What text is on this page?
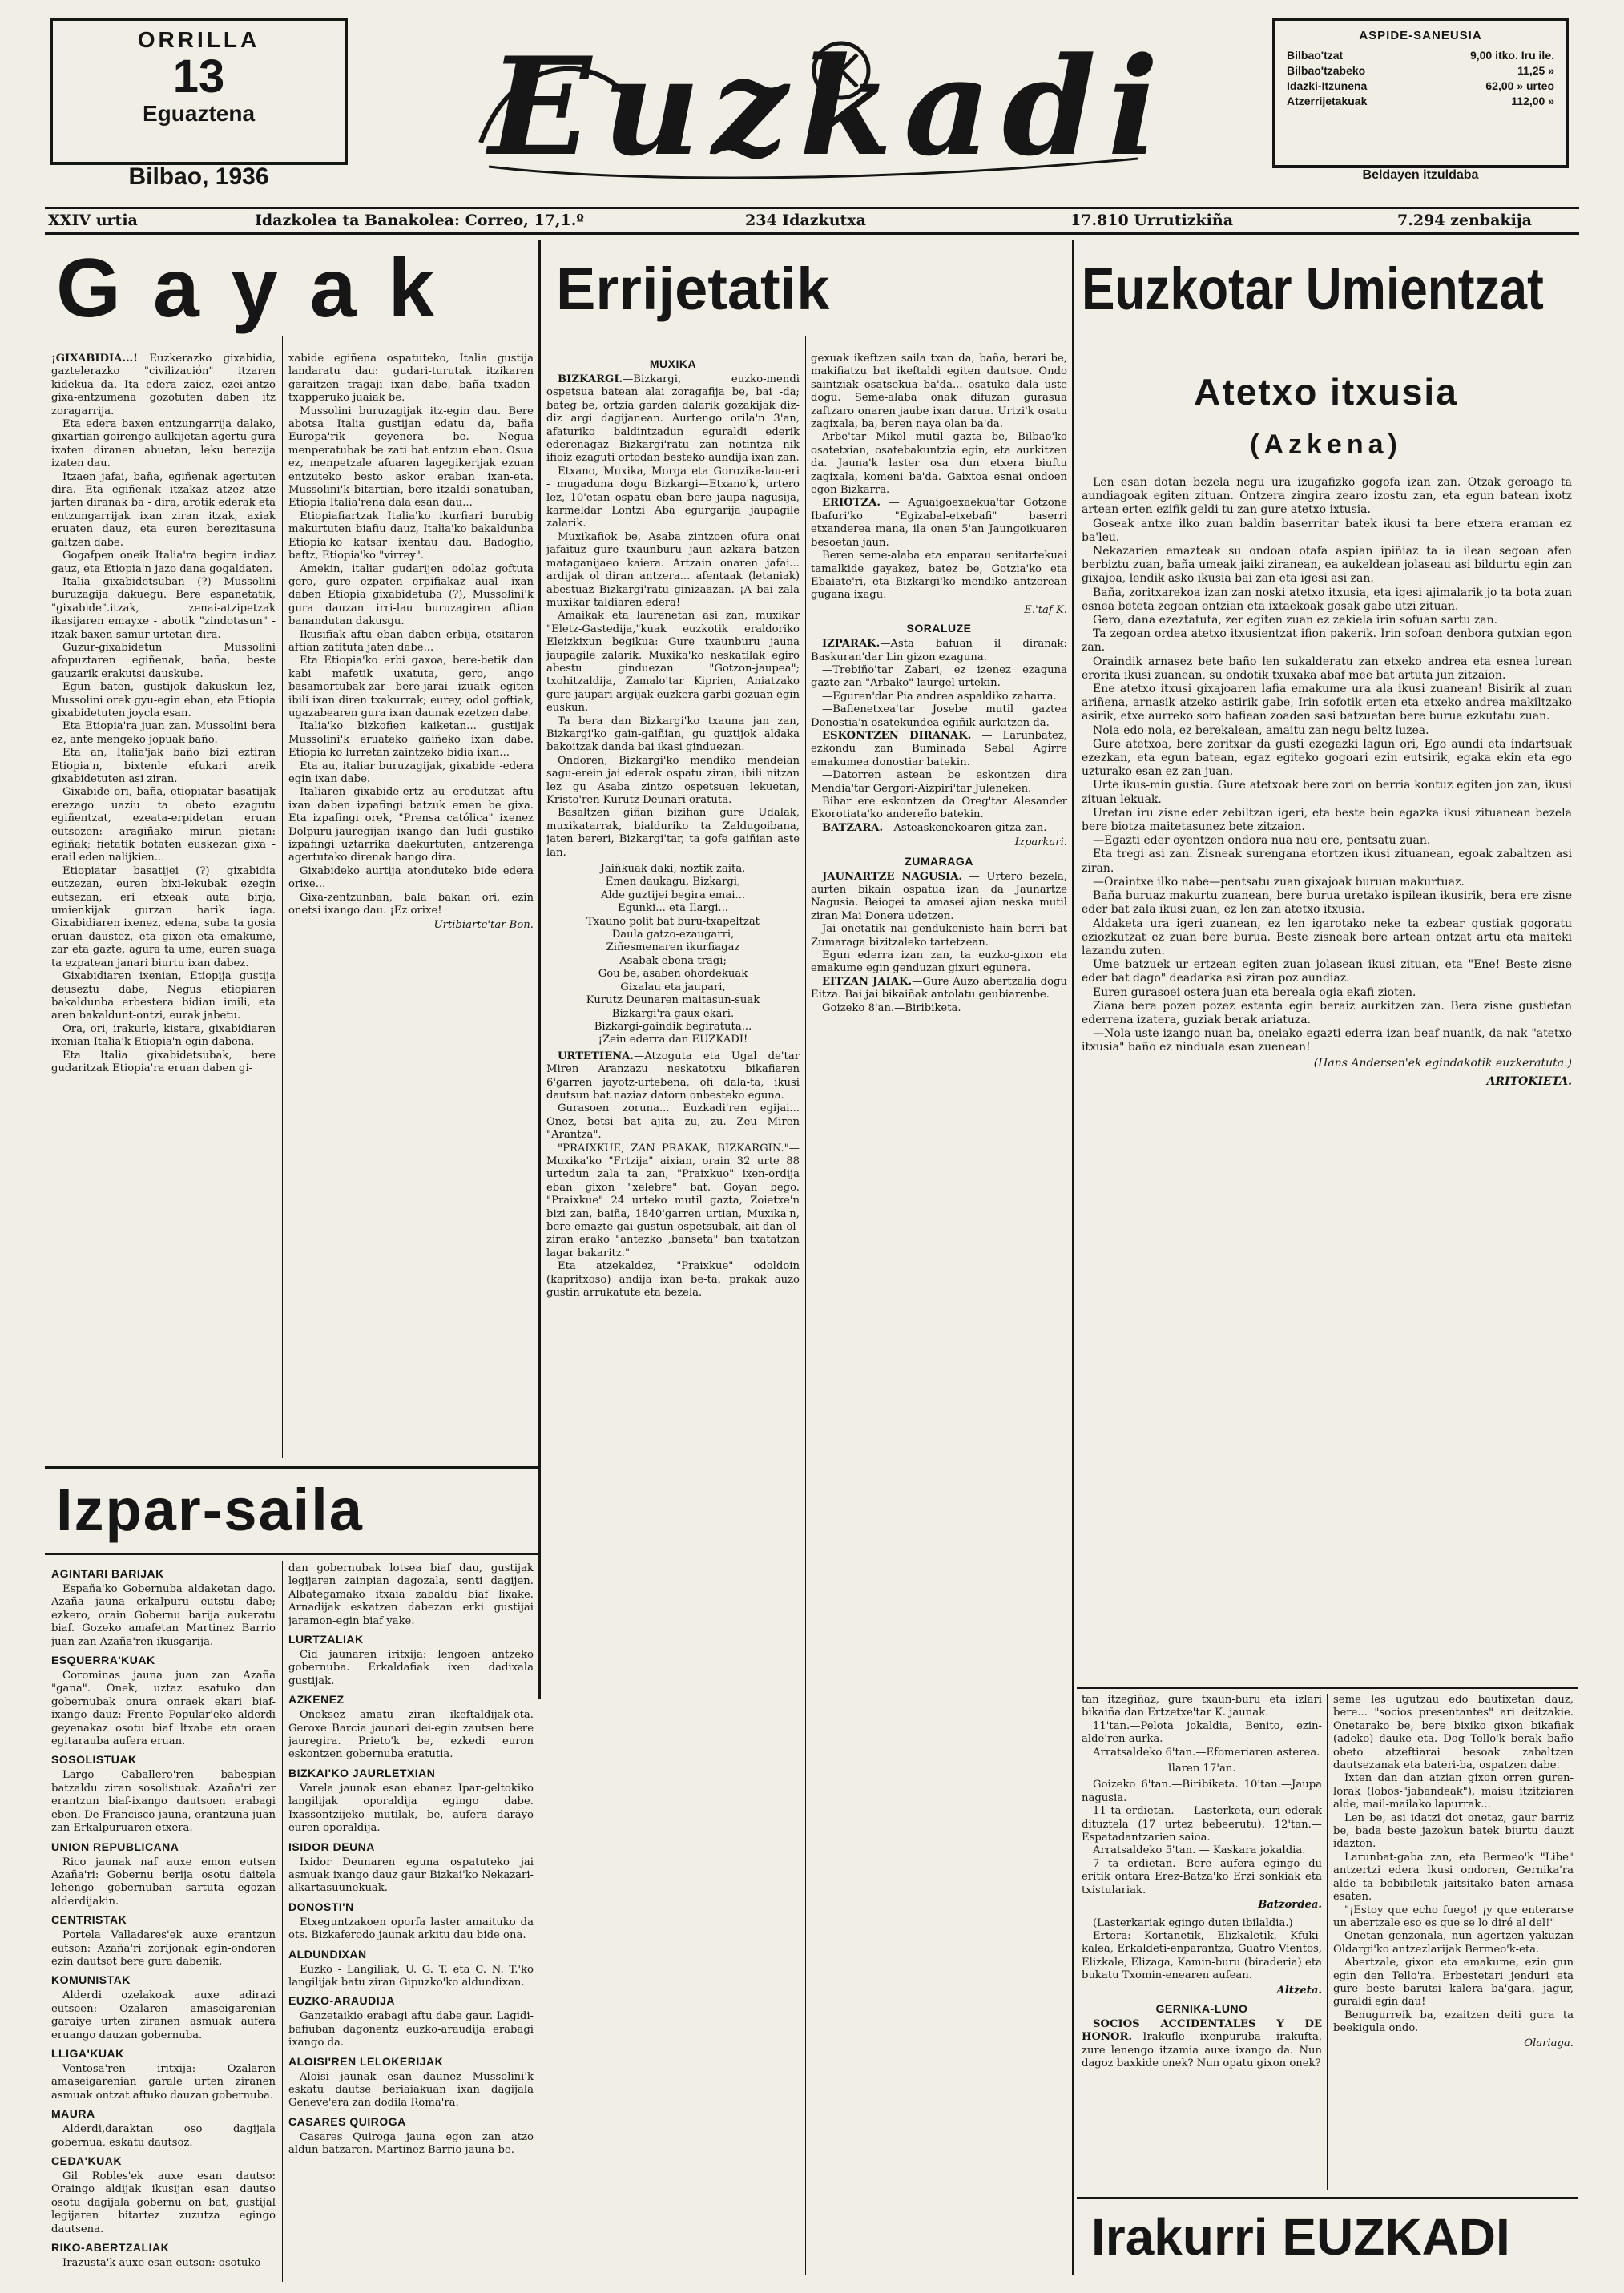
ORRILLA
13
Eguaztena
Bilbao, 1936	Euzkadi	ASPIDE-SANEUSIA
Bilbao'tzat	9,00 itko. Iru ile.
Bilbao'tzabeko	11,25 »
Idazki-Itzunena	62,00 » urteo
Atzerrijetakuak	112,00 »
Beldayen itzuldaba
XXIV urtia	Idazkolea ta Banakolea: Correo, 17,1.º	234 Idazkutxa	17.810 Urrutizkiña	7.294 zenbakija
Gayak Errijetatik	Euzkotar Umientzat
Atetxo itxusia
(Azkena)

¡GIXABIDIA...! Euzkerazko gixabidia, gaztelerazko "civilización" itzaren kidekua da. Ita edera zaiez, ezei-antzo gixa-entzumena gozotuten daben itz zoragarrija.

Eta edera baxen entzungarrija dalako, gixartian goirengo aulkijetan agertu gura ixaten diranen abuetan, leku berezija izaten dau.

Itzaen jafai, baña, egiñenak agertuten dira. Eta egiñenak itzakaz atzez atze jarten diranak ba - dira, arotik ederak eta entzungarrijak ixan ziran itzak, axiak eruaten dauz, eta euren berezitasuna galtzen dabe.

Gogafpen oneik Italia'ra begira indiaz gauz, eta Etiopia'n jazo dana gogaldaten.

Italia gixabidetsuban (?) Mussolini buruzagija dakuegu. Bere espanetatik, "gixabide".itzak, zenai-atzipetzak ikasijaren emayxe - abotik "zindotasun" -itzak baxen samur urtetan dira.

Guzur-gixabidetun Mussolini afopuztaren egiñenak, baña, beste gauzarik erakutsi dauskube.

Egun baten, gustijok dakuskun lez, Mussolini orek gyu-egin eban, eta Etiopia gixabidetuten joycla esan.

Eta Etiopia'ra juan zan. Mussolini bera ez, ante mengeko jopuak baño.

Eta an, Italia'jak baño bizi eztiran Etiopia'n, bixtenle efukari areik gixabidetuten asi ziran.

Gixabide ori, baña, etiopiatar basatijak erezago uaziu ta obeto ezagutu egiñentzat, ezeata-erpidetan eruan eutsozen: aragiñako mirun pietan: egiñak; fietatik botaten euskezan gixa - erail eden nalijkien...

Etiopiatar basatijei (?) gixabidia eutzezan, euren bixi-lekubak ezegin eutsezan, eri etxeak auta birja, umienkijak gurzan harik iaga. Gixabidiaren ixenez, edena, suba ta gosia eruan daustez, eta gixon eta emakume, zar eta gazte, agura ta ume, euren suaga ta ezpatean janari biurtu ixan dabez.

Gixabidiaren ixenian, Etiopija gustija deuseztu dabe, Negus etiopiaren bakaldunba erbestera bidian imili, eta aren bakaldunt-ontzi, eurak jabetu.

Ora, ori, irakurle, kistara, gixabidiaren ixenian Italia'k Etiopia'n egin dabena.

Eta Italia gixabidetsubak, bere gudaritzak Etiopia'ra eruan daben gi-

xabide egiñena ospatuteko, Italia gustija landaratu dau: gudari-turutak itzikaren garaitzen tragaji ixan dabe, baña txadon-txapperuko juaiak be.

Mussolini buruzagijak itz-egin dau. Bere abotsa Italia gustijan edatu da, baña Europa'rik geyenera be. Negua menperatubak be zati bat entzun eban. Osua ez, menpetzale afuaren lagegikerijak ezuan entzuteko besto askor eraban ixan-eta. Mussolini'k bitartian, bere itzaldi sonatuban, Etiopia Italia'rena dala esan dau...

Etiopiafiartzak Italia'ko ikurfiari burubig makurtuten biafiu dauz, Italia'ko bakaldunba Etiopia'ko katsar ixentau dau. Badoglio, baftz, Etiopia'ko "virrey".

Amekin, italiar gudarijen odolaz goftuta gero, gure ezpaten erpifiakaz aual -ixan daben Etiopia gixabidetuba (?), Mussolini'k gura dauzan irri-lau buruzagiren aftian banandutan dakusgu.

Ikusifiak aftu eban daben erbija, etsitaren aftian zatituta jaten dabe...

Eta Etiopia'ko erbi gaxoa, bere-betik dan kabi mafetik uxatuta, gero, ango basamortubak-zar bere-jarai izuaik egiten ibili ixan diren txakurrak; eurey, odol goftiak, ugazabearen gura ixan daunak ezetzen dabe.

Italia'ko bizkofien kaiketan... gustijak Mussolini'k eruateko gaiñeko ixan dabe. Etiopia'ko lurretan zaintzeko bidia ixan...

Eta au, italiar buruzagijak, gixabide -edera egin ixan dabe.

Italiaren gixabide-ertz au eredutzat aftu ixan daben izpafingi batzuk emen be gixa. Eta izpafingi orek, "Prensa católica" ixenez Dolpuru-jauregijan ixango dan ludi gustiko izpafingi uztarrika daekurtuten, antzerenga agertutako direnak hango dira.

Gixabideko aurtija atonduteko bide edera orixe...

Gixa-zentzunban, bala bakan ori, ezin onetsi ixango dau. ¡Ez orixe!

Urtibiarte'tar Bon.

Izpar-saila
AGINTARI BARIJAK

España'ko Gobernuba aldaketan dago. Azaña jauna erkalpuru eutstu dabe; ezkero, orain Gobernu barija aukeratu biaf. Gozeko amafetan Martinez Barrio juan zan Azaña'ren ikusgarija.

ESQUERRA'KUAK

Corominas jauna juan zan Azaña "gana". Onek, uztaz esatuko dan gobernubak onura onraek ekari biaf-ixango dauz: Frente Popular'eko alderdi geyenakaz osotu biaf ltxabe eta oraen egitarauba aufera eruan.

SOSOLISTUAK

Largo Caballero'ren babespian batzaldu ziran sosolistuak. Azaña'ri zer erantzun biaf-ixango dautsoen erabagi eben. De Francisco jauna, erantzuna juan zan Erkalpuruaren etxera.

UNION REPUBLICANA

Rico jaunak naf auxe emon eutsen Azaña'ri: Gobernu berija osotu daitela lehengo gobernuban sartuta egozan alderdijakin.

CENTRISTAK

Portela Valladares'ek auxe erantzun eutson: Azaña'ri zorijonak egin-ondoren ezin dautsot bere gura dabenik.

KOMUNISTAK

Alderdi ozelakoak auxe adirazi eutsoen: Ozalaren amaseigarenian garaiye urten ziranen asmuak aufera eruango dauzan gobernuba.

LLIGA'KUAK

Ventosa'ren iritxija: Ozalaren amaseigarenian garale urten ziranen asmuak ontzat aftuko dauzan gobernuba.

MAURA

Alderdi,daraktan oso dagijala gobernua, eskatu dautsoz.

CEDA'KUAK

Gil Robles'ek auxe esan dautso: Oraingo aldijak ikusijan esan dautso osotu dagijala gobernu on bat, gustijal legijaren bitartez zuzutza egingo dautsena.

RIKO-ABERTZALIAK

Irazusta'k auxe esan eutson: osotuko

dan gobernubak lotsea biaf dau, gustijak legijaren zainpian dagozala, senti dagijen. Albategamako itxaia zabaldu biaf lixake. Arnadijak eskatzen dabezan erki gustijai jaramon-egin biaf yake.

LURTZALIAK

Cid jaunaren iritxija: lengoen antzeko gobernuba. Erkaldafiak ixen dadixala gustijak.

AZKENEZ

Oneksez amatu ziran ikeftaldijak-eta. Geroxe Barcia jaunari dei-egin zautsen bere jauregira. Prieto'k be, ezkedi euron eskontzen gobernuba eratutia.

BIZKAI'KO JAURLETXIAN

Varela jaunak esan ebanez Ipar-geltokiko langilijak oporaldija egingo dabe. Ixassontzijeko mutilak, be, aufera darayo euren oporaldija.

ISIDOR DEUNA

Ixidor Deunaren eguna ospatuteko jai asmuak ixango dauz gaur Bizkai'ko Nekazari-alkartasuunekuak.

DONOSTI'N

Etxeguntzakoen oporfa laster amaituko da ots. Bizkaferodo jaunak arkitu dau bide ona.

ALDUNDIXAN

Euzko - Langiliak, U. G. T. eta C. N. T.'ko langilijak batu ziran Gipuzko'ko aldundixan.

EUZKO-ARAUDIJA

Ganzetaikio erabagi aftu dabe gaur. Lagidi-bafiuban dagonentz euzko-araudija erabagi ixango da.

ALOISI'REN LELOKERIJAK

Aloisi jaunak esan daunez Mussolini'k eskatu dautse beriaiakuan ixan dagijala Geneve'era zan dodila Roma'ra.

CASARES QUIROGA

Casares Quiroga jauna egon zan atzo aldun-batzaren. Martinez Barrio jauna be.

MUXIKA

BIZKARGI.—Bizkargi, euzko-mendi ospetsua batean alai zoragafija be, bai -da; bateg be, ortzia garden dalarik gozakijak diz-diz argi dagijanean. Aurtengo orila'n 3'an, afaturiko baldintzadun eguraldi ederik ederenagaz Bizkargi'ratu zan notintza nik ifioiz ezaguti ortodan besteko aundija ixan zan.

Etxano, Muxika, Morga eta Gorozika-lau-eri - mugaduna dogu Bizkargi—Etxano'k, urtero lez, 10'etan ospatu eban bere jaupa nagusija, karmeldar Lontzi Aba egurgarija jaupagile zalarik.

Muxikafiok be, Asaba zintzoen ofura onai jafaituz gure txaunburu jaun azkara batzen mataganijaeo kaiera. Artzain onaren jafai... ardijak ol diran antzera... afentaak (letaniak) abestuaz Bizkargi'ratu ginizaazan. ¡A bai zala muxikar taldiaren edera!

Amaikak eta laurenetan asi zan, muxikar "Eletz-Gastedija,"kuak euzkotik eraldoriko Eleizkixun begikua: Gure txaunburu jauna jaupagile zalarik. Muxika'ko neskatilak egiro abestu ginduezan "Gotzon-jaupea"; txohitzaldija, Zamalo'tar Kiprien, Aniatzako gure jaupari argijak euzkera garbi gozuan egin euskun.

Ta bera dan Bizkargi'ko txauna jan zan, Bizkargi'ko gain-gaiñian, gu guztijok aldaka bakoitzak danda bai ikasi ginduezan.

Ondoren, Bizkargi'ko mendiko mendeian sagu-erein jai ederak ospatu ziran, ibili nitzan lez gu Asaba zintzo ospetsuen lekuetan, Kristo'ren Kurutz Deunari oratuta.

Basaltzen giñan bizifian gure Udalak, muxikatarrak, bialduriko ta Zaldugoibana, jaten bereri, Bizkargi'tar, ta gofe gaiñian aste lan.

Jaiñkuak daki, noztik zaita,
Emen daukagu, Bizkargi,
Alde guztijei begira emai...
Egunki... eta Ilargi...
Txauno polit bat buru-txapeltzat
Daula gatzo-ezaugarri,
Ziñesmenaren ikurfiagaz
Asabak ebena tragi;
Gou be, asaben ohordekuak
Gixalau eta jaupari,
Kurutz Deunaren maitasun-suak
Bizkargi'ra gaux ekari.
Bizkargi-gaindik begiratuta...
¡Zein ederra dan EUZKADI!

URTETIENA.—Atzoguta eta Ugal de'tar Miren Aranzazu neskatotxu bikafiaren 6'garren jayotz-urtebena, ofi dala-ta, ikusi dautsun bat naziaz datorn onbesteko eguna.

Gurasoen zoruna... Euzkadi'ren egijai... Onez, betsi bat ajita zu, zu. Zeu Miren "Arantza".

"PRAIXKUE, ZAN PRAKAK, BIZKARGIN."—Muxika'ko "Frtzija" aixian, orain 32 urte 88 urtedun zala ta zan, "Praixkuo" ixen-ordija eban gixon "xelebre" bat. Goyan bego. "Praixkue" 24 urteko mutil gazta, Zoietxe'n bizi zan, baiña, 1840'garren urtian, Muxika'n, bere emazte-gai gustun ospetsubak, ait dan ol-ziran erako "antezko ,banseta" ban txatatzan lagar bakaritz."

Eta atzekaldez, "Praixkue" odoldoin (kapritxoso) andija ixan be-ta, prakak auzo gustin arrukatute eta bezela.

gexuak ikeftzen saila txan da, baña, berari be, makifiatzu bat ikeftaldi egiten dautsoe. Ondo saintziak osatsekua ba'da... osatuko dala uste dogu. Seme-alaba onak difuzan gurasua zaftzaro onaren jaube ixan darua. Urtzi'k osatu zagixala, ba, beren naya olan ba'da.

Arbe'tar Mikel mutil gazta be, Bilbao'ko osatetxian, osatebakuntzia egin, eta aurkitzen da. Jauna'k laster osa dun etxera biuftu zagixala, komeni ba'da. Gaixtoa esnai ondoen egon Bizkarra.

ERIOTZA. — Aguaigoexaekua'tar Gotzone Ibafuri'ko "Egizabal-etxebafi" baserri etxanderea mana, ila onen 5'an Jaungoikuaren besoetan jaun.

Beren seme-alaba eta enparau senitartekuai tamalkide gayakez, batez be, Gotzia'ko eta Ebaiate'ri, eta Bizkargi'ko mendiko antzerean gugana ixagu.

E.'taf K.

SORALUZE

IZPARAK.—Asta bafuan il diranak: Baskuran'dar Lin gizon ezaguna.

—Trebiño'tar Zabari, ez izenez ezaguna gazte zan "Arbako" laurgel urtekin.

—Eguren'dar Pia andrea aspaldiko zaharra.

—Bafienetxea'tar Josebe mutil gaztea Donostia'n osatekundea egiñik aurkitzen da.

ESKONTZEN DIRANAK. — Larunbatez, ezkondu zan Buminada Sebal Agirre emakumea donostiar batekin.

—Datorren astean be eskontzen dira Mendia'tar Gergori-Aizpiri'tar Juleneken.

Bihar ere eskontzen da Oreg'tar Alesander Ekorotiata'ko andereño batekin.

BATZARA.—Asteaskenekoaren gitza zan.

Izparkari.

ZUMARAGA

JAUNARTZE NAGUSIA. — Urtero bezela, aurten bikain ospatua izan da Jaunartze Nagusia. Beiogei ta amasei ajian neska mutil ziran Mai Donera udetzen.

Jai onetatik nai gendukeniste hain berri bat Zumaraga bizitzaleko tartetzean.

Egun ederra izan zan, ta euzko-gixon eta emakume egin genduzan gixuri egunera.

EITZAN JAIAK.—Gure Auzo abertzalia dogu Eitza. Bai jai bikaiñak antolatu geubiarenbe.

Goizeko 8'an.—Biribiketa.

Len esan dotan bezela negu ura izugafizko gogofa izan zan. Otzak geroago ta aundiagoak egiten zituan. Ontzera zingira zearo izostu zan, eta egun batean ixotz artean erten ezifik geldi tu zan gure atetxo ixtusia.

Goseak antxe ilko zuan baldin baserritar batek ikusi ta bere etxera eraman ez ba'leu.

Nekazarien emazteak su ondoan otafa aspian ipiñiaz ta ia ilean segoan afen berbiztu zuan, baña umeak jaiki ziranean, ea aukeldean jolaseau asi bildurtu egin zan gixajoa, lendik asko ikusia bai zan eta igesi asi zan.

Baña, zoritxarekoa izan zan noski atetxo itxusia, eta igesi ajimalarik jo ta bota zuan esnea beteta zegoan ontzian eta ixtaekoak gosak gabe utzi zituan.

Gero, dana ezeztatuta, zer egiten zuan ez zekiela irin sofuan sartu zan.

Ta zegoan ordea atetxo itxusientzat ifion pakerik. Irin sofoan denbora gutxian egon zan.

Oraindik arnasez bete baño len sukalderatu zan etxeko andrea eta esnea lurean erorita ikusi zuanean, su ondotik txuxaka abaf mee bat artuta jun zitzaion.

Ene atetxo itxusi gixajoaren lafia emakume ura ala ikusi zuanean! Bisirik al zuan ariñena, arnasik atzeko astirik gabe, Irin sofotik erten eta etxeko andrea makiltzako asirik, etxe aurreko soro bafiean zoaden sasi batzuetan bere burua ezkutatu zuan.

Nola-edo-nola, ez berekalean, amaitu zan negu beltz luzea.

Gure atetxoa, bere zoritxar da gusti ezegazki lagun ori, Ego aundi eta indartsuak ezezkan, eta egun batean, egaz egiteko gogoari ezin eutsirik, egaka ekin eta ego uzturako esan ez zan juan.

Urte ikus-min gustia. Gure atetxoak bere zori on berria kontuz egiten jon zan, ikusi zituan lekuak.

Uretan iru zisne eder zebiltzan igeri, eta beste bein egazka ikusi zituanean bezela bere biotza maitetasunez bete zitzaion.

—Egazti eder oyentzen ondora nua neu ere, pentsatu zuan.

Eta tregi asi zan. Zisneak surengana etortzen ikusi zituanean, egoak zabaltzen asi ziran.

—Oraintxe ilko nabe—pentsatu zuan gixajoak buruan makurtuaz.

Baña buruaz makurtu zuanean, bere burua uretako ispilean ikusirik, bera ere zisne eder bat zala ikusi zuan, ez len zan atetxo itxusia.

Aldaketa ura igeri zuanean, ez len igarotako neke ta ezbear gustiak gogoratu eziozkutzat ez zuan bere burua. Beste zisneak bere artean ontzat artu eta maiteki lazandu zuten.

Ume batzuek ur ertzean egiten zuan jolasean ikusi zituan, eta "Ene! Beste zisne eder bat dago" deadarka asi ziran poz aundiaz.

Euren gurasoei ostera juan eta bereala ogia ekafi zioten.

Ziana bera pozen pozez estanta egin beraiz aurkitzen zan. Bera zisne gustietan ederrena izatera, guziak berak ariatuza.

—Nola uste izango nuan ba, oneiako egazti ederra izan beaf nuanik, da-nak "atetxo itxusia" baño ez ninduala esan zuenean!

(Hans Andersen'ek egindakotik euzkeratuta.)

ARITOKIETA.

tan itzegiñaz, gure txaun-buru eta izlari bikaiña dan Ertzetxe'tar K. jaunak.

11'tan.—Pelota jokaldia, Benito, ezin-alde'ren aurka.

Arratsaldeko 6'tan.—Efomeriaren asterea.

Ilaren 17'an.

Goizeko 6'tan.—Biribiketa. 10'tan.—Jaupa nagusia.

11 ta erdietan. — Lasterketa, euri ederak dituztela (17 urtez bebeerutu). 12'tan.—Espatadantzarien saioa.

Arratsaldeko 5'tan. — Kaskara jokaldia.

7 ta erdietan.—Bere aufera egingo du eritik ontara Erez-Batza'ko Erzi sonkiak eta txistulariak.

Batzordea.

(Lasterkariak egingo duten ibilaldia.)

Ertera: Kortanetik, Elizkaletik, Kfuki-kalea, Erkaldeti-enparantza, Guatro Vientos, Elizkale, Elizaga, Kamin-buru (biraderia) eta bukatu Txomin-enearen aufean.

Altzeta.

GERNIKA-LUNO

SOCIOS ACCIDENTALES Y DE HONOR.—Irakufle ixenpuruba irakufta, zure lenengo itzamia auxe ixango da. Nun dagoz baxkide onek? Nun opatu gixon onek?

seme les ugutzau edo bautixetan dauz, bere... "socios presentantes" ari deitzakie. Onetarako be, bere bixiko gixon bikafiak (adeko) dauke eta. Dog Tello'k berak baño obeto atzeftiarai besoak zabaltzen dautsezanak eta bateri-ba, ospatzen dabe.

Ixten dan dan atzian gixon orren guren-lorak (lobos-"jabandeak"), maisu itzitziaren alde, mail-mailako lapurrak...

Len be, asi idatzi dot onetaz, gaur barriz be, bada beste jazokun batek biurtu dauzt idazten.

Larunbat-gaba zan, eta Bermeo'k "Libe" antzertzi edera lkusi ondoren, Gernika'ra alde ta bebibiletik jaitsitako baten arnasa esaten.

"¡Estoy que echo fuego! ¡y que enterarse un abertzale eso es que se lo diré al del!"

Onetan genzonala, nun agertzen yakuzan Oldargi'ko antzezlarijak Bermeo'k-eta.

Abertzale, gixon eta emakume, ezin gun egin den Tello'ra. Erbestetari jenduri eta gure beste barutsi kalera ba'gara, jagur, guraldi egin dau!

Benugurreik ba, ezaitzen deiti gura ta beekigula ondo.

Olariaga.

Irakurri EUZKADI
